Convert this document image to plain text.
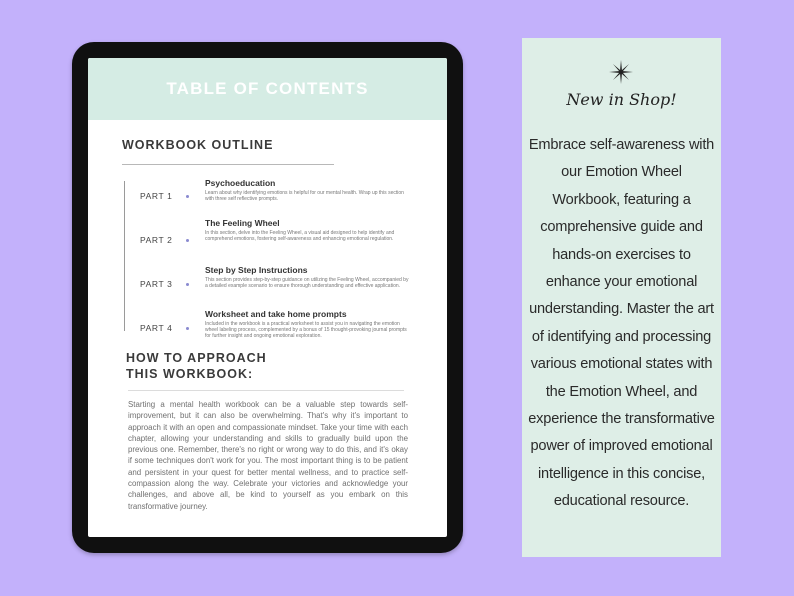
TABLE OF CONTENTS
WORKBOOK OUTLINE
PART 1
Psychoeducation
Learn about why identifying emotions is helpful for our mental health. Wrap up this section with three self reflective prompts.
PART 2
The Feeling Wheel
In this section, delve into the Feeling Wheel, a visual aid designed to help identify and comprehend emotions, fostering self-awareness and enhancing emotional regulation.
PART 3
Step by Step Instructions
This section provides step-by-step guidance on utilizing the Feeling Wheel, accompanied by a detailed example scenario to ensure thorough understanding and effective application.
PART 4
Worksheet and take home prompts
Included in the workbook is a practical worksheet to assist you in navigating the emotion wheel labeling process, complemented by a bonus of 15 thought-provoking journal prompts for further insight and ongoing emotional exploration.
HOW TO APPROACH
THIS WORKBOOK:
Starting a mental health workbook can be a valuable step towards self-improvement, but it can also be overwhelming. That's why it's important to approach it with an open and compassionate mindset. Take your time with each chapter, allowing your understanding and skills to gradually build upon the previous one. Remember, there's no right or wrong way to do this, and it's okay if some techniques don't work for you. The most important thing is to be patient and persistent in your quest for better mental wellness, and to practice self-compassion along the way. Celebrate your victories and acknowledge your challenges, and above all, be kind to yourself as you embark on this transformative journey.
New in Shop!
Embrace self-awareness with our Emotion Wheel Workbook, featuring a comprehensive guide and hands-on exercises to enhance your emotional understanding. Master the art of identifying and processing various emotional states with the Emotion Wheel, and experience the transformative power of improved emotional intelligence in this concise, educational resource.
